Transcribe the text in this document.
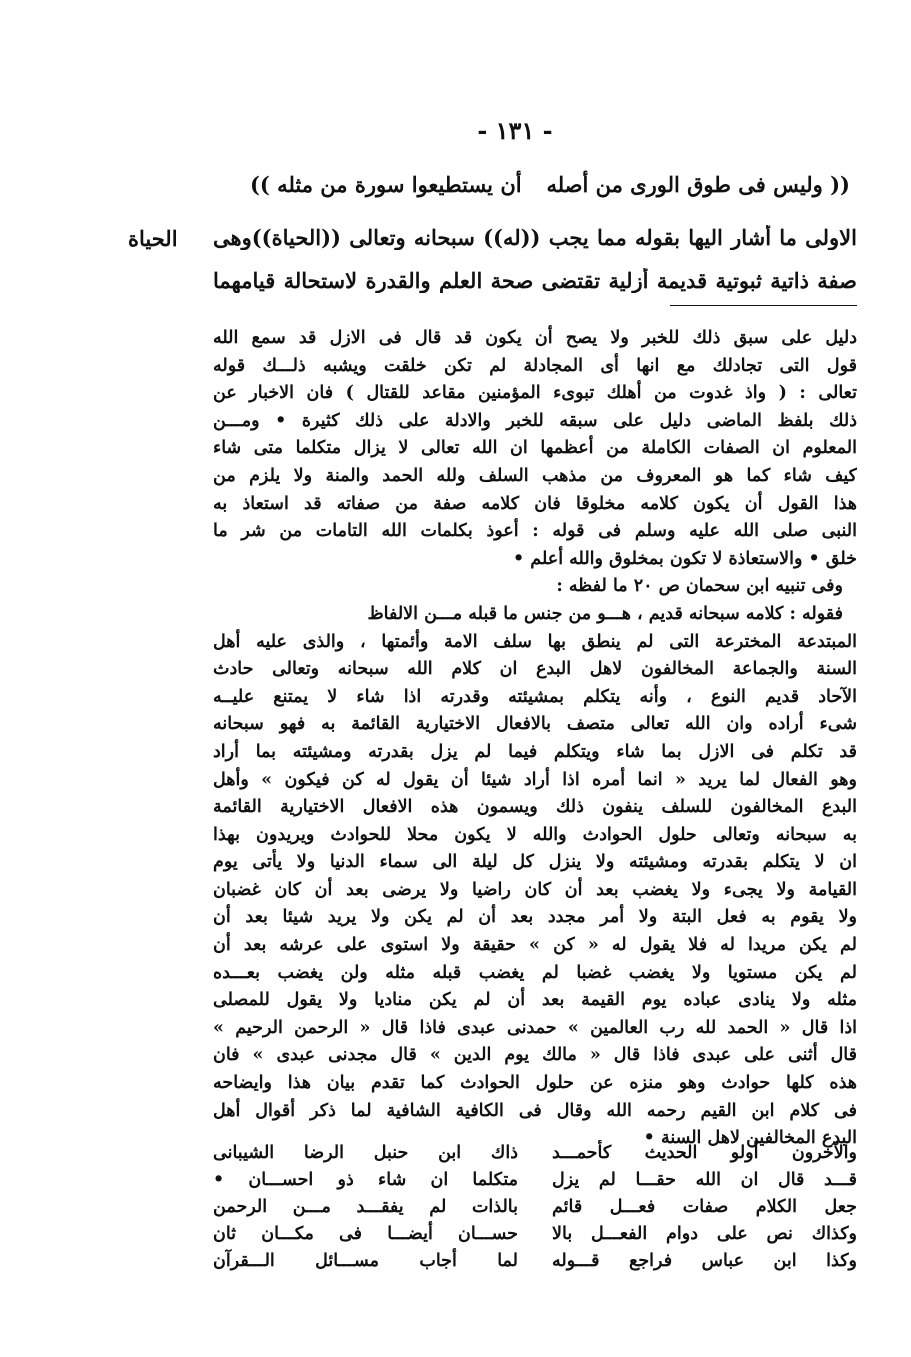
- ١٣١ -
(( وليس فى طوق الورى من أصله
أن يستطيعوا سورة من مثله ))
الحياة الاولى ما أشار اليها بقوله مما يجب ((له)) سبحانه وتعالى ((الحياة))وهى
صفة ذاتية ثبوتية قديمة أزلية تقتضى صحة العلم والقدرة لاستحالة قيامهما
دليل على سبق ذلك للخبر ولا يصح أن يكون قد قال فى الازل قد سمع الله
قول التى تجادلك مع انها أى المجادلة لم تكن خلقت ويشبه ذلـــك قوله
تعالى : ( واذ غدوت من أهلك تبوىء المؤمنين مقاعد للقتال ) فان الاخبار عن
ذلك بلفظ الماضى دليل على سبقه للخبر والادلة على ذلك كثيرة • ومـــن
المعلوم ان الصفات الكاملة من أعظمها ان الله تعالى لا يزال متكلما متى شاء
كيف شاء كما هو المعروف من مذهب السلف ولله الحمد والمنة ولا يلزم من
هذا القول أن يكون كلامه مخلوقا فان كلامه صفة من صفاته قد استعاذ به
النبى صلى الله عليه وسلم فى قوله : أعوذ بكلمات الله التامات من شر ما
خلق • والاستعاذة لا تكون بمخلوق والله أعلم •
وفى تنبيه ابن سحمان ص ٢٠ ما لفظه :
فقوله : كلامه سبحانه قديم ، هـــو من جنس ما قبله مـــن الالفاظ
المبتدعة المخترعة التى لم ينطق بها سلف الامة وأئمتها ، والذى عليه أهل
السنة والجماعة المخالفون لاهل البدع ان كلام الله سبحانه وتعالى حادث
الآحاد قديم النوع ، وأنه يتكلم بمشيئته وقدرته اذا شاء لا يمتنع عليــه
شىء أراده وان الله تعالى متصف بالافعال الاختيارية القائمة به فهو سبحانه
قد تكلم فى الازل بما شاء ويتكلم فيما لم يزل بقدرته ومشيئته بما أراد
وهو الفعال لما يريد « انما أمره اذا أراد شيئا أن يقول له كن فيكون » وأهل
البدع المخالفون للسلف ينفون ذلك ويسمون هذه الافعال الاختيارية القائمة
به سبحانه وتعالى حلول الحوادث والله لا يكون محلا للحوادث ويريدون بهذا
ان لا يتكلم بقدرته ومشيئته ولا ينزل كل ليلة الى سماء الدنيا ولا يأتى يوم
القيامة ولا يجىء ولا يغضب بعد أن كان راضيا ولا يرضى بعد أن كان غضبان
ولا يقوم به فعل البتة ولا أمر مجدد بعد أن لم يكن ولا يريد شيئا بعد أن
لم يكن مريدا له فلا يقول له « كن » حقيقة ولا استوى على عرشه بعد أن
لم يكن مستويا ولا يغضب غضبا لم يغضب قبله مثله ولن يغضب بعـــده
مثله ولا ينادى عباده يوم القيمة بعد أن لم يكن مناديا ولا يقول للمصلى
اذا قال « الحمد لله رب العالمين » حمدنى عبدى فاذا قال « الرحمن الرحيم »
قال أثنى على عبدى فاذا قال « مالك يوم الدين » قال مجدنى عبدى » فان
هذه كلها حوادث وهو منزه عن حلول الحوادث كما تقدم بيان هذا وايضاحه
فى كلام ابن القيم رحمه الله وقال فى الكافية الشافية لما ذكر أقوال أهل
البدع المخالفين لاهل السنة •
والآخرون أولو الحديث كأحمـــد
ذاك ابن حنبل الرضا الشيبانى
قـــد قال ان الله حقـــا لم يزل
متكلما ان شاء ذو احســـان •
جعل الكلام صفات فعـــل قائم
بالذات لم يفقـــد مـــن الرحمن
وكذاك نص على دوام الفعـــل بالا
حســـان أيضـــا فى مكـــان ثان
وكذا ابن عباس فراجع قـــوله
لما أجاب مســـائل الـــقرآن
